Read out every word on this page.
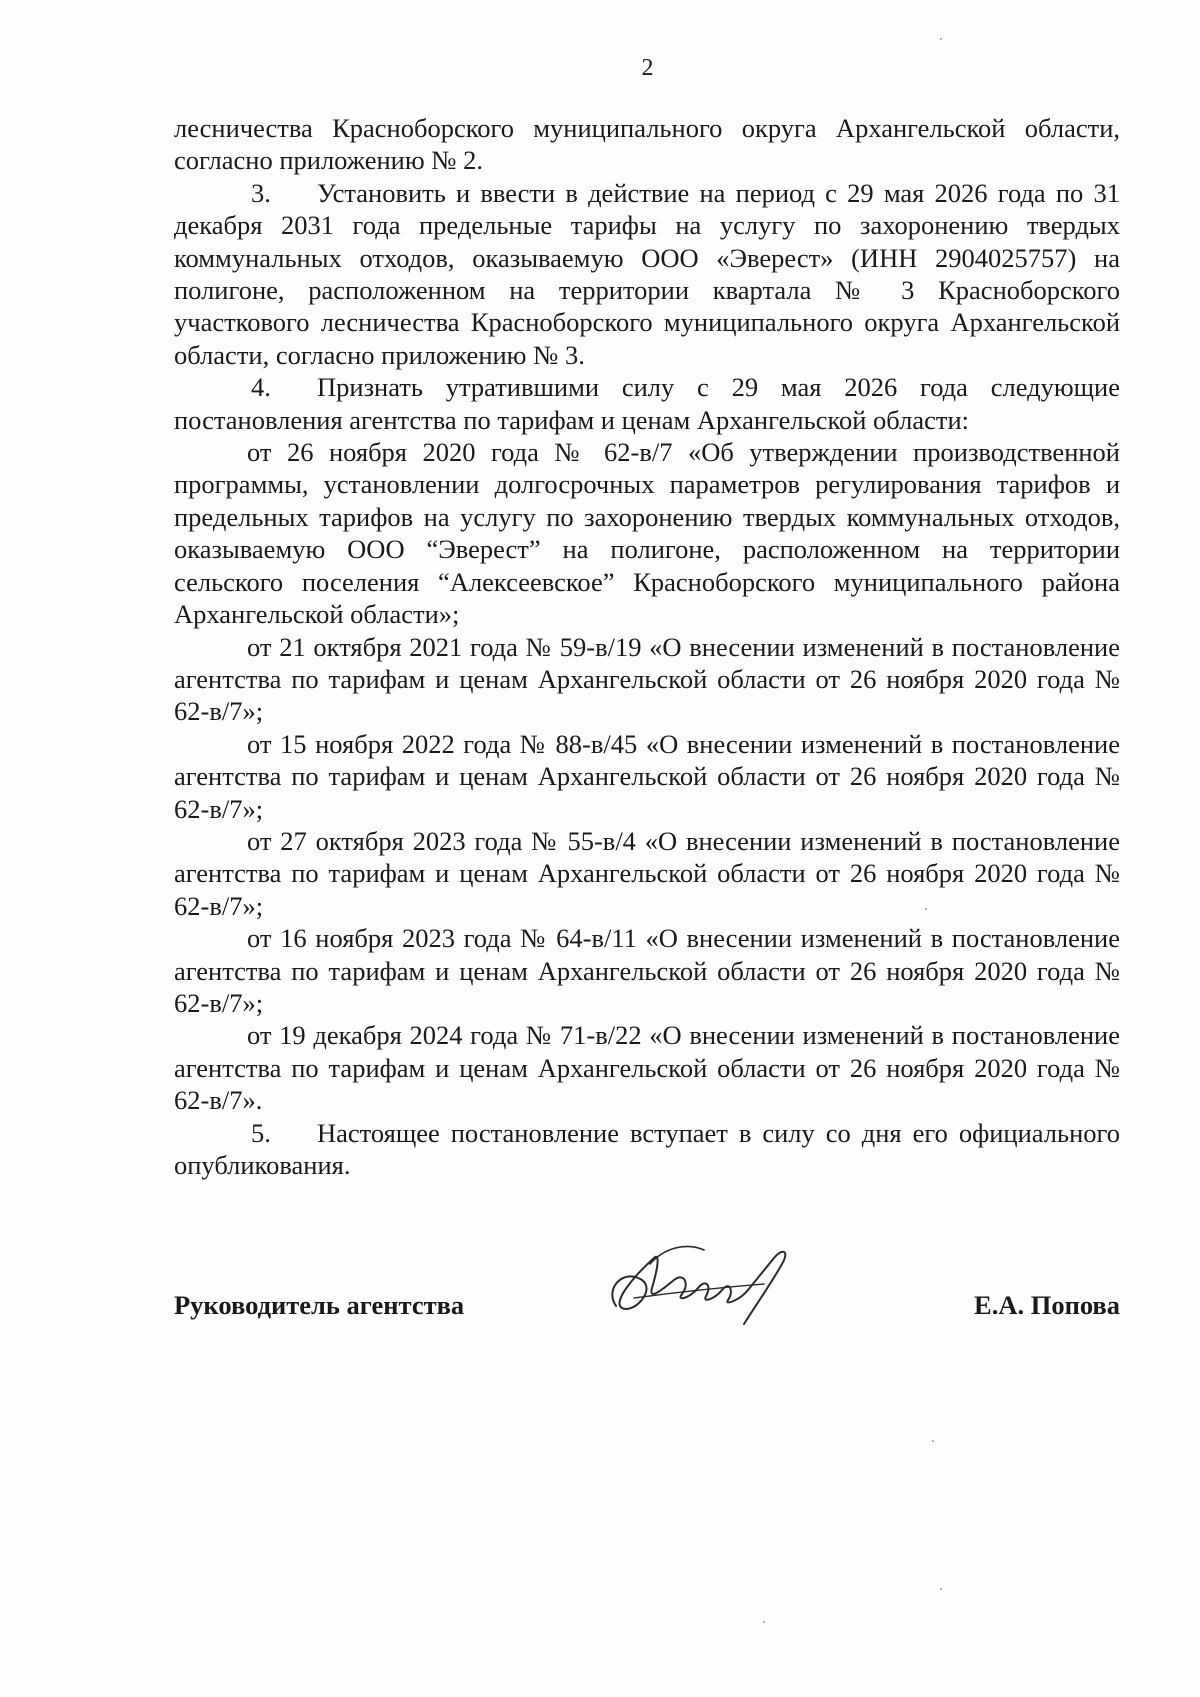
2

лесничества Красноборского муниципального округа Архангельской области, согласно приложению № 2.

3. Установить и ввести в действие на период с 29 мая 2026 года по 31 декабря 2031 года предельные тарифы на услугу по захоронению твердых коммунальных отходов, оказываемую ООО «Эверест» (ИНН 2904025757) на полигоне, расположенном на территории квартала № 3 Красноборского участкового лесничества Красноборского муниципального округа Архангельской области, согласно приложению № 3.

4. Признать утратившими силу с 29 мая 2026 года следующие постановления агентства по тарифам и ценам Архангельской области:

от 26 ноября 2020 года № 62-в/7 «Об утверждении производственной программы, установлении долгосрочных параметров регулирования тарифов и предельных тарифов на услугу по захоронению твердых коммунальных отходов, оказываемую ООО “Эверест” на полигоне, расположенном на территории сельского поселения “Алексеевское” Красноборского муниципального района Архангельской области»;

от 21 октября 2021 года № 59-в/19 «О внесении изменений в постановление агентства по тарифам и ценам Архангельской области от 26 ноября 2020 года № 62-в/7»;

от 15 ноября 2022 года № 88-в/45 «О внесении изменений в постановление агентства по тарифам и ценам Архангельской области от 26 ноября 2020 года № 62-в/7»;

от 27 октября 2023 года № 55-в/4 «О внесении изменений в постановление агентства по тарифам и ценам Архангельской области от 26 ноября 2020 года № 62-в/7»;

от 16 ноября 2023 года № 64-в/11 «О внесении изменений в постановление агентства по тарифам и ценам Архангельской области от 26 ноября 2020 года № 62-в/7»;

от 19 декабря 2024 года № 71-в/22 «О внесении изменений в постановление агентства по тарифам и ценам Архангельской области от 26 ноября 2020 года № 62-в/7».

5. Настоящее постановление вступает в силу со дня его официального опубликования.

Руководитель агентства	Е.А. Попова
